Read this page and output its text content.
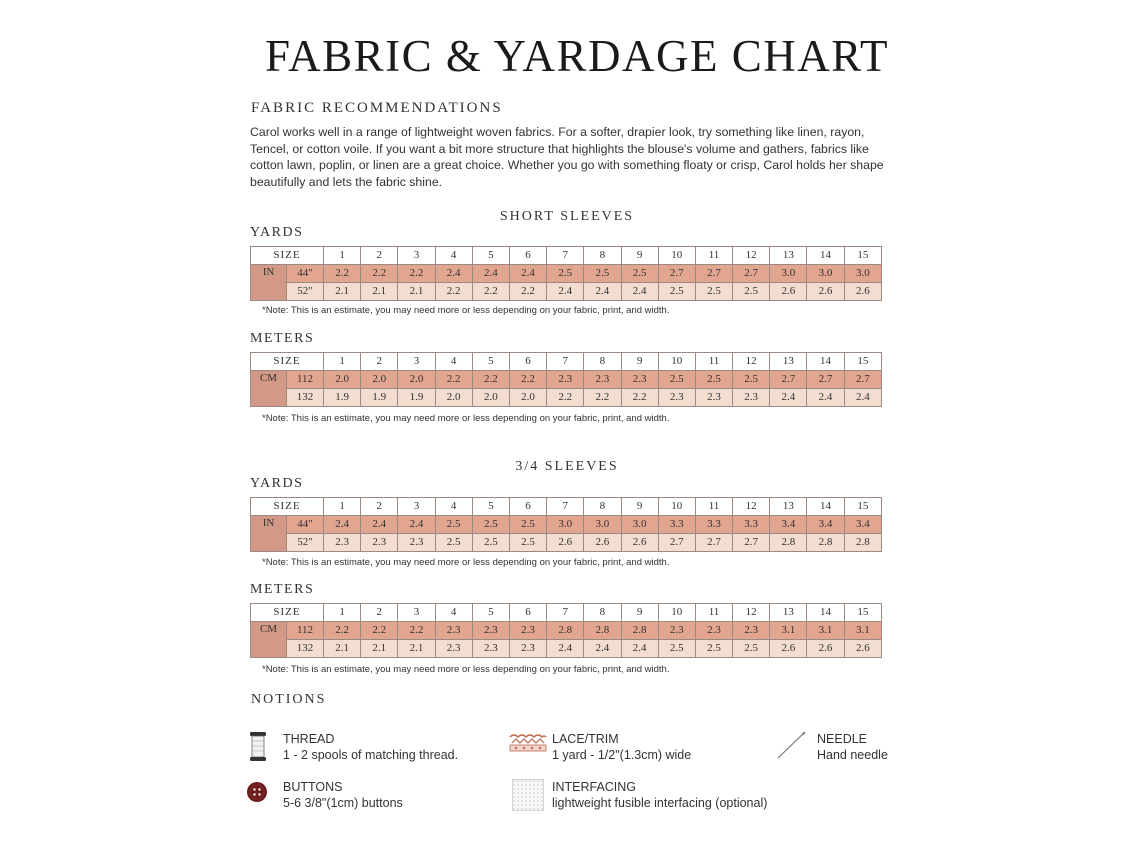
FABRIC & YARDAGE CHART
FABRIC RECOMMENDATIONS
Carol works well in a range of lightweight woven fabrics. For a softer, drapier look, try something like linen, rayon, Tencel, or cotton voile. If you want a bit more structure that highlights the blouse's volume and gathers, fabrics like cotton lawn, poplin, or linen are a great choice. Whether you go with something floaty or crisp, Carol holds her shape beautifully and lets the fabric shine.
SHORT SLEEVES
YARDS
SIZE		1	2	3	4	5	6	7	8	9	10	11	12	13	14	15
IN	44"	2.2	2.2	2.2	2.4	2.4	2.4	2.5	2.5	2.5	2.7	2.7	2.7	3.0	3.0	3.0
	52"	2.1	2.1	2.1	2.2	2.2	2.2	2.4	2.4	2.4	2.5	2.5	2.5	2.6	2.6	2.6
*Note: This is an estimate, you may need more or less depending on your fabric, print, and width.
METERS
SIZE		1	2	3	4	5	6	7	8	9	10	11	12	13	14	15
CM	112	2.0	2.0	2.0	2.2	2.2	2.2	2.3	2.3	2.3	2.5	2.5	2.5	2.7	2.7	2.7
	132	1.9	1.9	1.9	2.0	2.0	2.0	2.2	2.2	2.2	2.3	2.3	2.3	2.4	2.4	2.4
*Note: This is an estimate, you may need more or less depending on your fabric, print, and width.
3/4 SLEEVES
YARDS
SIZE		1	2	3	4	5	6	7	8	9	10	11	12	13	14	15
IN	44"	2.4	2.4	2.4	2.5	2.5	2.5	3.0	3.0	3.0	3.3	3.3	3.3	3.4	3.4	3.4
	52"	2.3	2.3	2.3	2.5	2.5	2.5	2.6	2.6	2.6	2.7	2.7	2.7	2.8	2.8	2.8
*Note: This is an estimate, you may need more or less depending on your fabric, print, and width.
METERS
SIZE		1	2	3	4	5	6	7	8	9	10	11	12	13	14	15
CM	112	2.2	2.2	2.2	2.3	2.3	2.3	2.8	2.8	2.8	2.3	2.3	2.3	3.1	3.1	3.1
	132	2.1	2.1	2.1	2.3	2.3	2.3	2.4	2.4	2.4	2.5	2.5	2.5	2.6	2.6	2.6
*Note: This is an estimate, you may need more or less depending on your fabric, print, and width.
NOTIONS
THREAD
1 - 2 spools of matching thread.
LACE/TRIM
1 yard - 1/2"(1.3cm) wide
NEEDLE
Hand needle
BUTTONS
5-6 3/8"(1cm) buttons
INTERFACING
lightweight fusible interfacing (optional)
